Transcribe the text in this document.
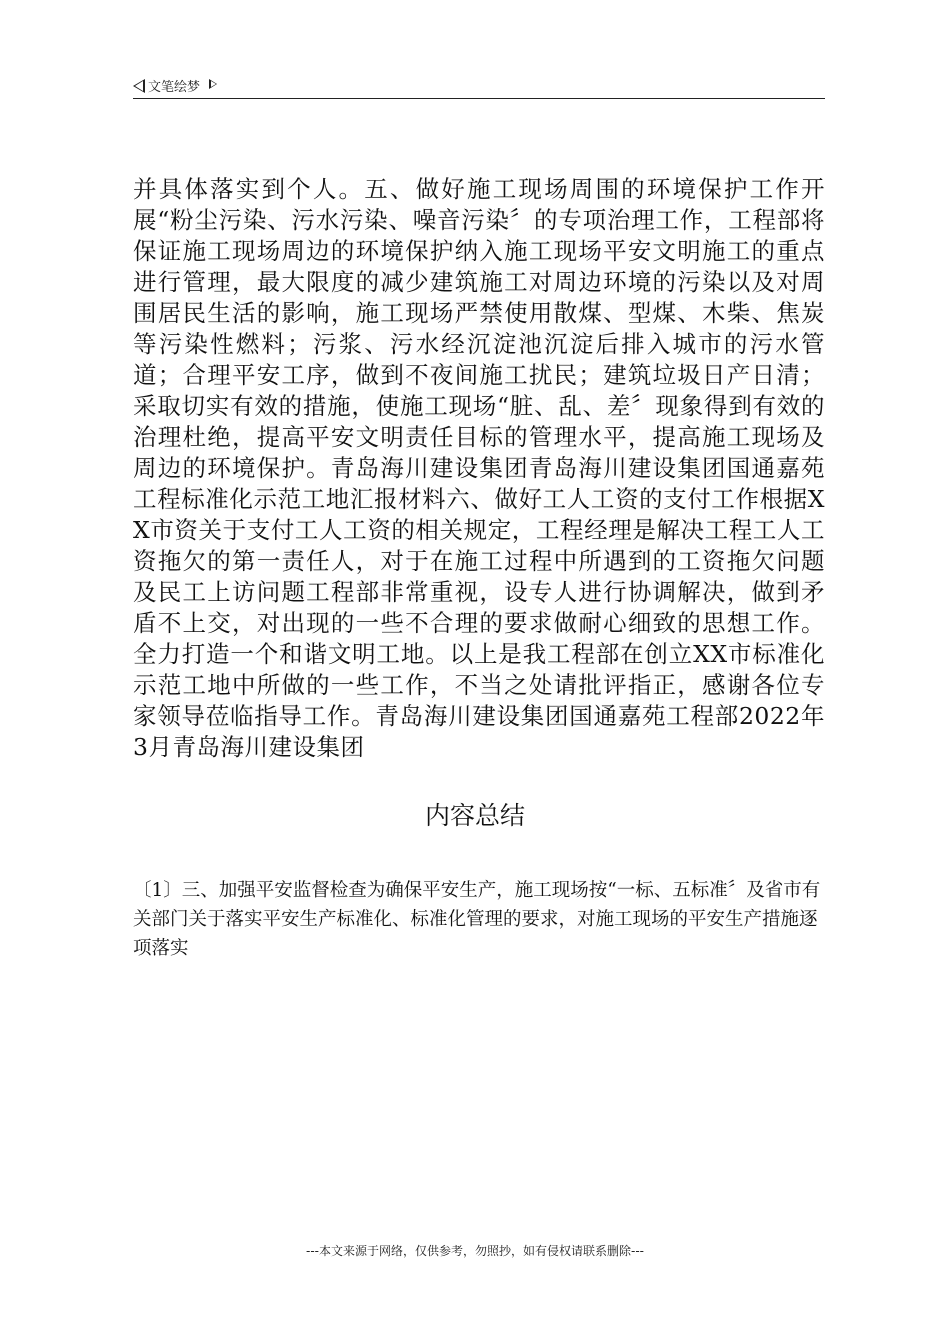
文笔绘梦

并具体落实到个人。五、做好施工现场周围的环境保护工作开展“粉尘污染、污水污染、噪音污染〞的专项治理工作，工程部将保证施工现场周边的环境保护纳入施工现场平安文明施工的重点进行管理，最大限度的减少建筑施工对周边环境的污染以及对周围居民生活的影响，施工现场严禁使用散煤、型煤、木柴、焦炭等污染性燃料；污浆、污水经沉淀池沉淀后排入城市的污水管道；合理平安工序，做到不夜间施工扰民；建筑垃圾日产日清；采取切实有效的措施，使施工现场“脏、乱、差〞现象得到有效的治理杜绝，提高平安文明责任目标的管理水平，提高施工现场及周边的环境保护。青岛海川建设集团青岛海川建设集团国通嘉苑工程标准化示范工地汇报材料六、做好工人工资的支付工作根据XX市资关于支付工人工资的相关规定，工程经理是解决工程工人工资拖欠的第一责任人，对于在施工过程中所遇到的工资拖欠问题及民工上访问题工程部非常重视，设专人进行协调解决，做到矛盾不上交，对出现的一些不合理的要求做耐心细致的思想工作。全力打造一个和谐文明工地。以上是我工程部在创立XX市标准化示范工地中所做的一些工作，不当之处请批评指正，感谢各位专家领导莅临指导工作。青岛海川建设集团国通嘉苑工程部2022年3月青岛海川建设集团

内容总结

〔1〕三、加强平安监督检查为确保平安生产，施工现场按“一标、五标准〞及省市有关部门关于落实平安生产标准化、标准化管理的要求，对施工现场的平安生产措施逐项落实

---本文来源于网络，仅供参考，勿照抄，如有侵权请联系删除---
